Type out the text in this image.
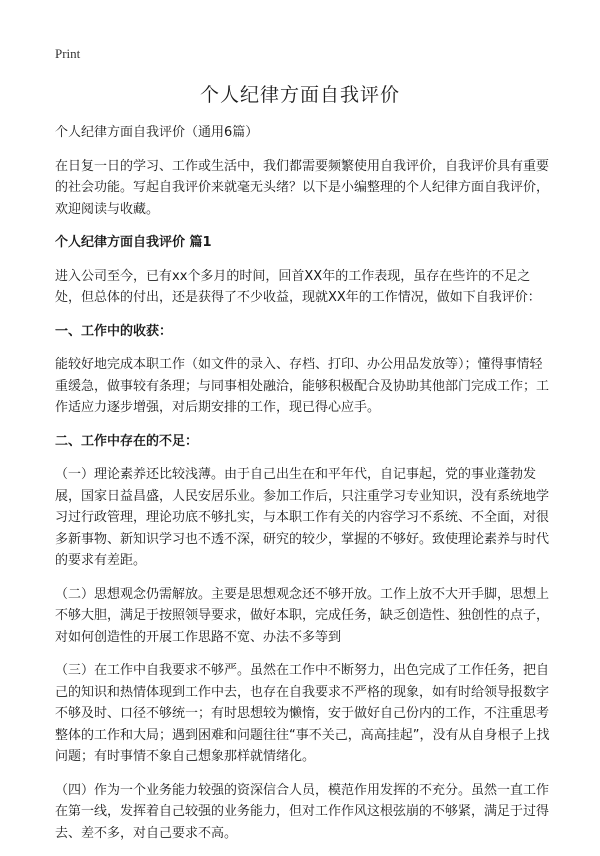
Print
个人纪律方面自我评价

个人纪律方面自我评价（通用6篇）

在日复一日的学习、工作或生活中，我们都需要频繁使用自我评价，自我评价具有重要的社会功能。写起自我评价来就毫无头绪？以下是小编整理的个人纪律方面自我评价，欢迎阅读与收藏。

个人纪律方面自我评价 篇1

进入公司至今，已有xx个多月的时间，回首XX年的工作表现，虽存在些许的不足之处，但总体的付出，还是获得了不少收益，现就XX年的工作情况，做如下自我评价：

一、工作中的收获：

能较好地完成本职工作（如文件的录入、存档、打印、办公用品发放等）；懂得事情轻重缓急，做事较有条理；与同事相处融洽，能够积极配合及协助其他部门完成工作；工作适应力逐步增强，对后期安排的工作，现已得心应手。

二、工作中存在的不足：

（一）理论素养还比较浅薄。由于自己出生在和平年代，自记事起，党的事业蓬勃发展，国家日益昌盛，人民安居乐业。参加工作后，只注重学习专业知识，没有系统地学习过行政管理，理论功底不够扎实，与本职工作有关的内容学习不系统、不全面，对很多新事物、新知识学习也不透不深，研究的较少，掌握的不够好。致使理论素养与时代的要求有差距。

（二）思想观念仍需解放。主要是思想观念还不够开放。工作上放不大开手脚，思想上不够大胆，满足于按照领导要求，做好本职，完成任务，缺乏创造性、独创性的点子，对如何创造性的开展工作思路不宽、办法不多等到

（三）在工作中自我要求不够严。虽然在工作中不断努力，出色完成了工作任务，把自己的知识和热情体现到工作中去，也存在自我要求不严格的现象，如有时给领导报数字不够及时、口径不够统一；有时思想较为懒惰，安于做好自己份内的工作，不注重思考整体的工作和大局；遇到困难和问题往往“事不关己，高高挂起”，没有从自身根子上找问题；有时事情不象自己想象那样就情绪化。

（四）作为一个业务能力较强的资深信合人员，模范作用发挥的不充分。虽然一直工作在第一线，发挥着自己较强的业务能力，但对工作作风这根弦崩的不够紧，满足于过得去、差不多，对自己要求不高。
